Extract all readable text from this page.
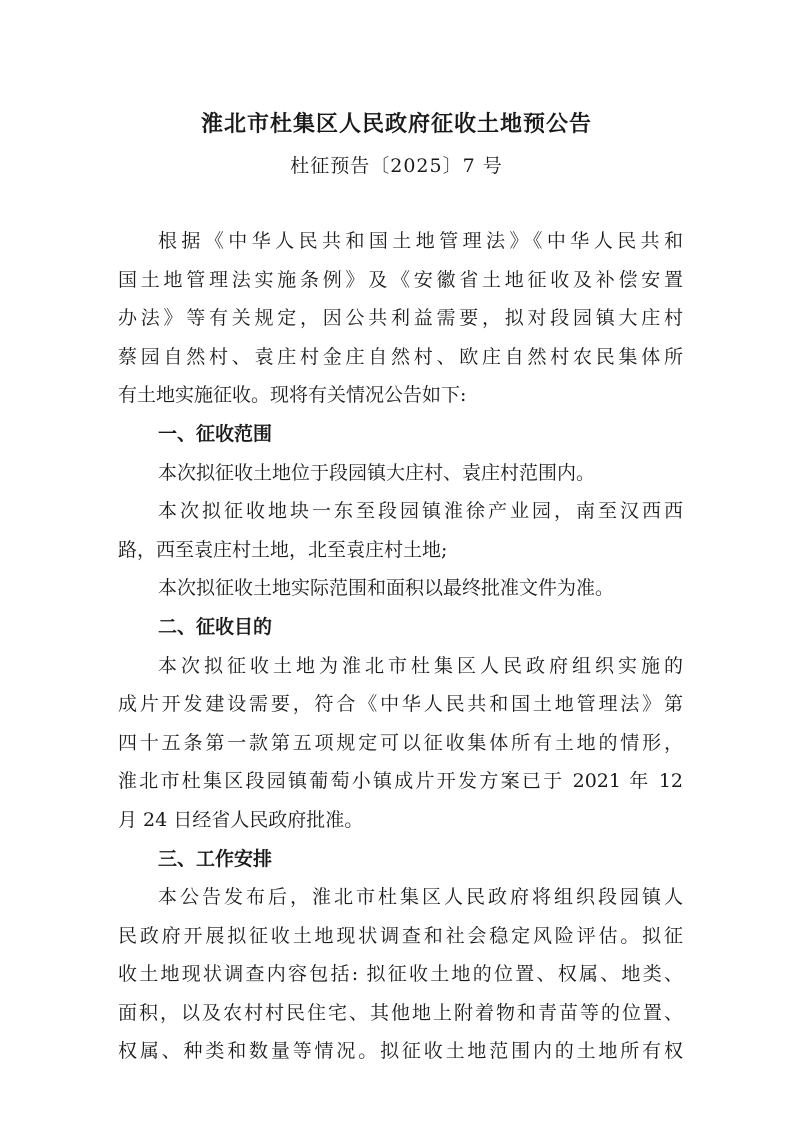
淮北市杜集区人民政府征收土地预公告
杜征预告〔2025〕7 号
根据《中华人民共和国土地管理法》《中华人民共和
国土地管理法实施条例》及《安徽省土地征收及补偿安置
办法》等有关规定，因公共利益需要，拟对段园镇大庄村
蔡园自然村、袁庄村金庄自然村、欧庄自然村农民集体所
有土地实施征收。现将有关情况公告如下:
一、征收范围
本次拟征收土地位于段园镇大庄村、袁庄村范围内。
本次拟征收地块一东至段园镇淮徐产业园，南至汉西西
路，西至袁庄村土地，北至袁庄村土地;
本次拟征收土地实际范围和面积以最终批准文件为准。
二、征收目的
本次拟征收土地为淮北市杜集区人民政府组织实施的
成片开发建设需要，符合《中华人民共和国土地管理法》第
四十五条第一款第五项规定可以征收集体所有土地的情形，
淮北市杜集区段园镇葡萄小镇成片开发方案已于 2021 年 12
月 24 日经省人民政府批准。
三、工作安排
本公告发布后，淮北市杜集区人民政府将组织段园镇人
民政府开展拟征收土地现状调查和社会稳定风险评估。拟征
收土地现状调查内容包括: 拟征收土地的位置、权属、地类、
面积，以及农村村民住宅、其他地上附着物和青苗等的位置、
权属、种类和数量等情况。拟征收土地范围内的土地所有权
